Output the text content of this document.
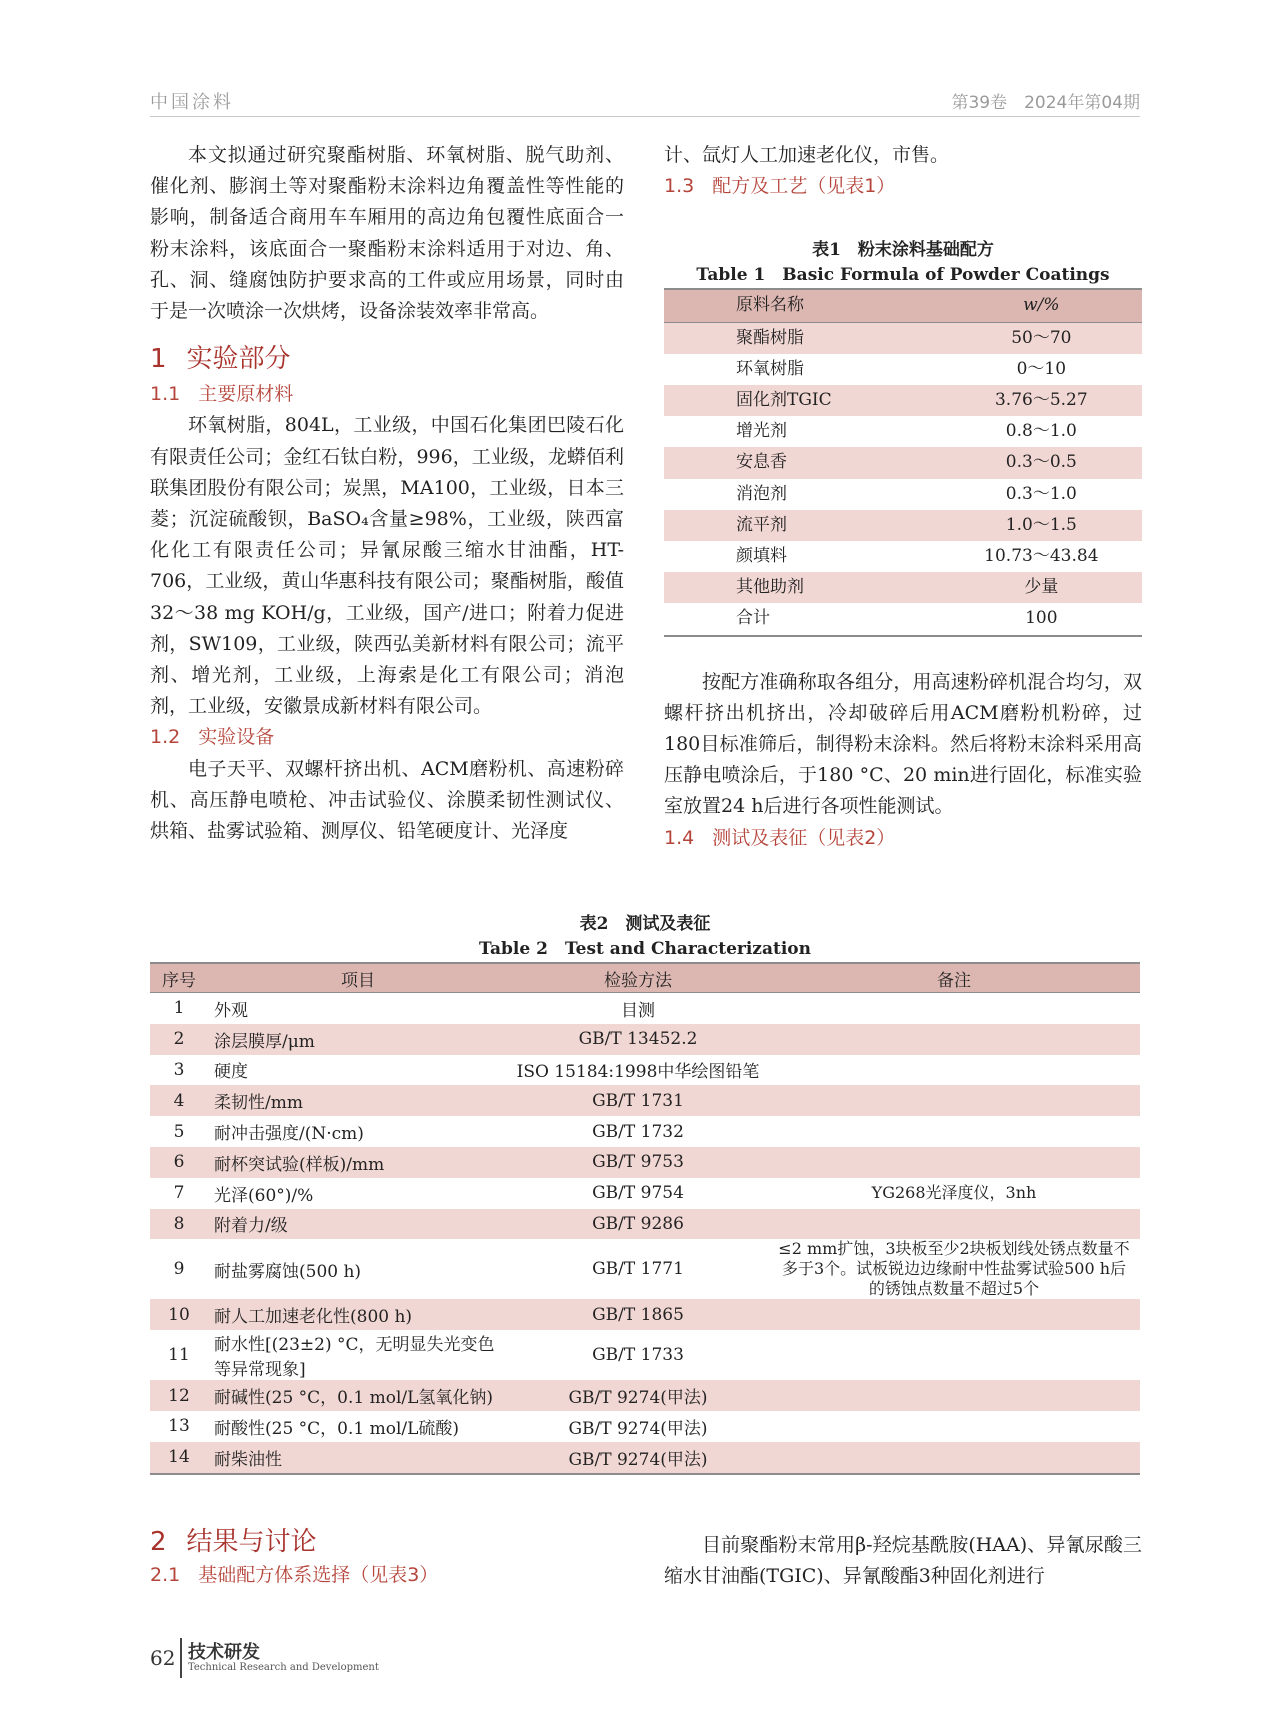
中国涂料	第39卷　2024年第04期

本文拟通过研究聚酯树脂、环氧树脂、脱气助剂、催化剂、膨润土等对聚酯粉末涂料边角覆盖性等性能的影响，制备适合商用车车厢用的高边角包覆性底面合一粉末涂料，该底面合一聚酯粉末涂料适用于对边、角、孔、洞、缝腐蚀防护要求高的工件或应用场景，同时由于是一次喷涂一次烘烤，设备涂装效率非常高。

1 实验部分
1.1 主要原材料

环氧树脂，804L，工业级，中国石化集团巴陵石化有限责任公司；金红石钛白粉，996，工业级，龙蟒佰利联集团股份有限公司；炭黑，MA100，工业级，日本三菱；沉淀硫酸钡，BaSO₄含量≥98%，工业级，陕西富化化工有限责任公司；异氰尿酸三缩水甘油酯，HT-706，工业级，黄山华惠科技有限公司；聚酯树脂，酸值32～38 mg KOH/g，工业级，国产/进口；附着力促进剂，SW109，工业级，陕西弘美新材料有限公司；流平剂、增光剂，工业级，上海索是化工有限公司；消泡剂，工业级，安徽景成新材料有限公司。

1.2 实验设备

电子天平、双螺杆挤出机、ACM磨粉机、高速粉碎机、高压静电喷枪、冲击试验仪、涂膜柔韧性测试仪、烘箱、盐雾试验箱、测厚仪、铅笔硬度计、光泽度

计、氙灯人工加速老化仪，市售。

1.3 配方及工艺（见表1）
表1　粉末涂料基础配方
Table 1　Basic Formula of Powder Coatings
原料名称	w/%
聚酯树脂	50～70
环氧树脂	0～10
固化剂TGIC	3.76～5.27
增光剂	0.8～1.0
安息香	0.3～0.5
消泡剂	0.3～1.0
流平剂	1.0～1.5
颜填料	10.73～43.84
其他助剂	少量
合计	100

按配方准确称取各组分，用高速粉碎机混合均匀，双螺杆挤出机挤出，冷却破碎后用ACM磨粉机粉碎，过180目标准筛后，制得粉末涂料。然后将粉末涂料采用高压静电喷涂后，于180 °C、20 min进行固化，标准实验室放置24 h后进行各项性能测试。

1.4 测试及表征（见表2）
表2　测试及表征
Table 2　Test and Characterization
序号	项目	检验方法	备注
1	外观	目测	
2	涂层膜厚/μm	GB/T 13452.2	
3	硬度	ISO 15184:1998中华绘图铅笔	
4	柔韧性/mm	GB/T 1731	
5	耐冲击强度/(N·cm)	GB/T 1732	
6	耐杯突试验(样板)/mm	GB/T 9753	
7	光泽(60°)/%	GB/T 9754	YG268光泽度仪，3nh
8	附着力/级	GB/T 9286	
9	耐盐雾腐蚀(500 h)	GB/T 1771	≤2 mm扩蚀，3块板至少2块板划线处锈点数量不多于3个。试板锐边边缘耐中性盐雾试验500 h后的锈蚀点数量不超过5个
10	耐人工加速老化性(800 h)	GB/T 1865	
11	耐水性[(23±2) °C，无明显失光变色等异常现象]	GB/T 1733	
12	耐碱性(25 °C，0.1 mol/L氢氧化钠)	GB/T 9274(甲法)	
13	耐酸性(25 °C，0.1 mol/L硫酸)	GB/T 9274(甲法)	
14	耐柴油性	GB/T 9274(甲法)	
2 结果与讨论
2.1 基础配方体系选择（见表3）

目前聚酯粉末常用β-羟烷基酰胺(HAA)、异氰尿酸三缩水甘油酯(TGIC)、异氰酸酯3种固化剂进行

62 技术研发
Technical Research and Development
